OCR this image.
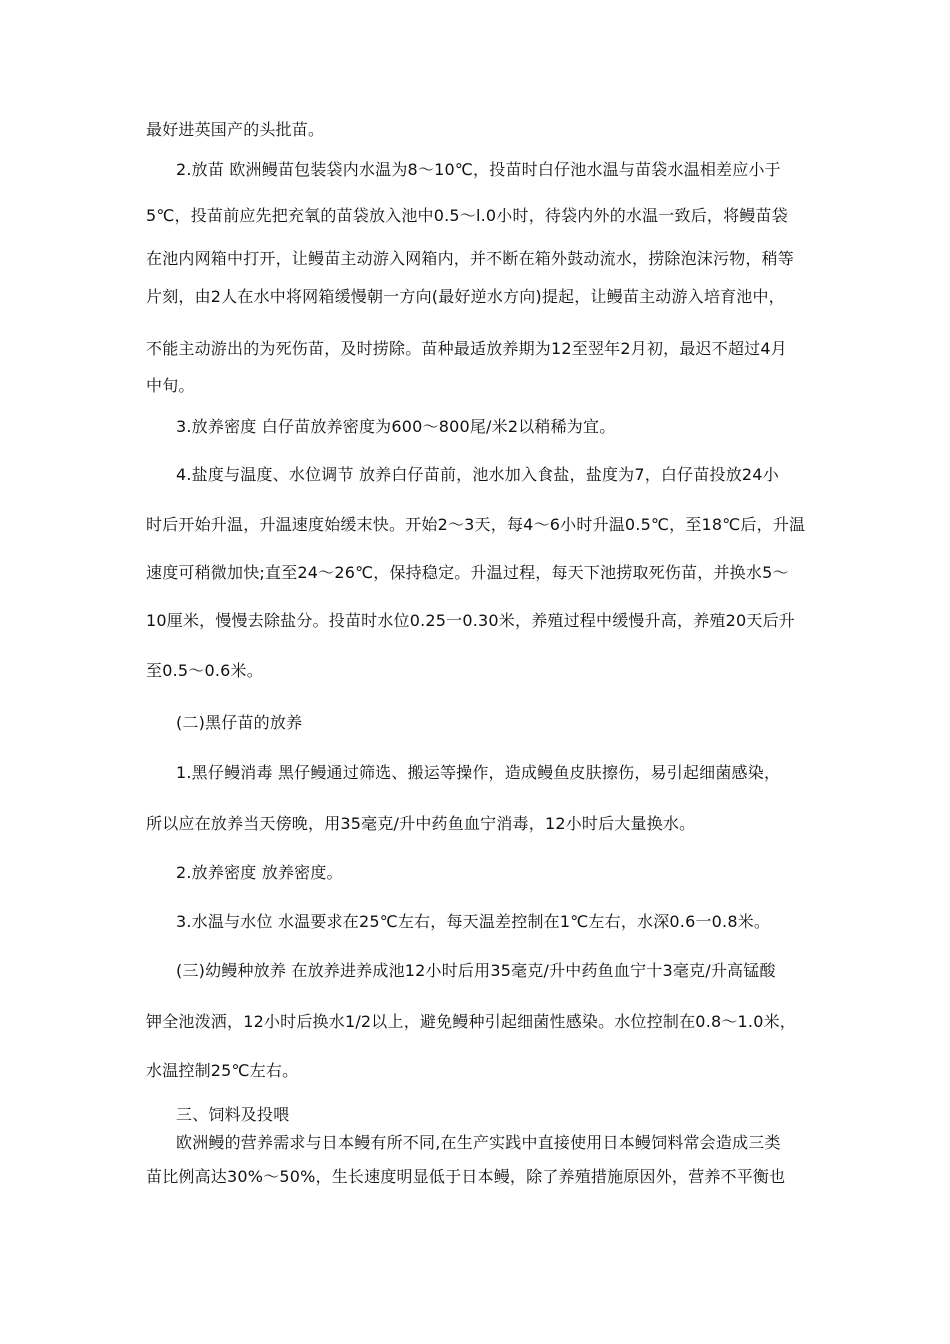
最好进英国产的头批苗。
2.放苗 欧洲鳗苗包装袋内水温为8～10℃，投苗时白仔池水温与苗袋水温相差应小于
5℃，投苗前应先把充氧的苗袋放入池中0.5～l.0小时，待袋内外的水温一致后，将鳗苗袋
在池内网箱中打开，让鳗苗主动游入网箱内，并不断在箱外鼓动流水，捞除泡沫污物，稍等
片刻，由2人在水中将网箱缓慢朝一方向(最好逆水方向)提起，让鳗苗主动游入培育池中，
不能主动游出的为死伤苗，及时捞除。苗种最适放养期为12至翌年2月初，最迟不超过4月
中旬。
3.放养密度 白仔苗放养密度为600～800尾/米2以稍稀为宜。
4.盐度与温度、水位调节 放养白仔苗前，池水加入食盐，盐度为7，白仔苗投放24小
时后开始升温，升温速度始缓末快。开始2～3天，每4～6小时升温0.5℃，至18℃后，升温
速度可稍微加快;直至24～26℃，保持稳定。升温过程，每天下池捞取死伤苗，并换水5～
10厘米，慢慢去除盐分。投苗时水位0.25一0.30米，养殖过程中缓慢升高，养殖20天后升
至0.5～0.6米。
(二)黑仔苗的放养
1.黑仔鳗消毒 黑仔鳗通过筛选、搬运等操作，造成鳗鱼皮肤擦伤，易引起细菌感染，
所以应在放养当天傍晚，用35毫克/升中药鱼血宁消毒，12小时后大量换水。
2.放养密度 放养密度。
3.水温与水位 水温要求在25℃左右，每天温差控制在1℃左右，水深0.6一0.8米。
(三)幼鳗种放养 在放养进养成池12小时后用35毫克/升中药鱼血宁十3毫克/升高锰酸
钾全池泼洒，12小时后换水1/2以上，避免鳗种引起细菌性感染。水位控制在0.8～1.0米，
水温控制25℃左右。
三、饲料及投喂
欧洲鳗的营养需求与日本鳗有所不同,在生产实践中直接使用日本鳗饲料常会造成三类
苗比例高达30%～50%，生长速度明显低于日本鳗，除了养殖措施原因外，营养不平衡也
